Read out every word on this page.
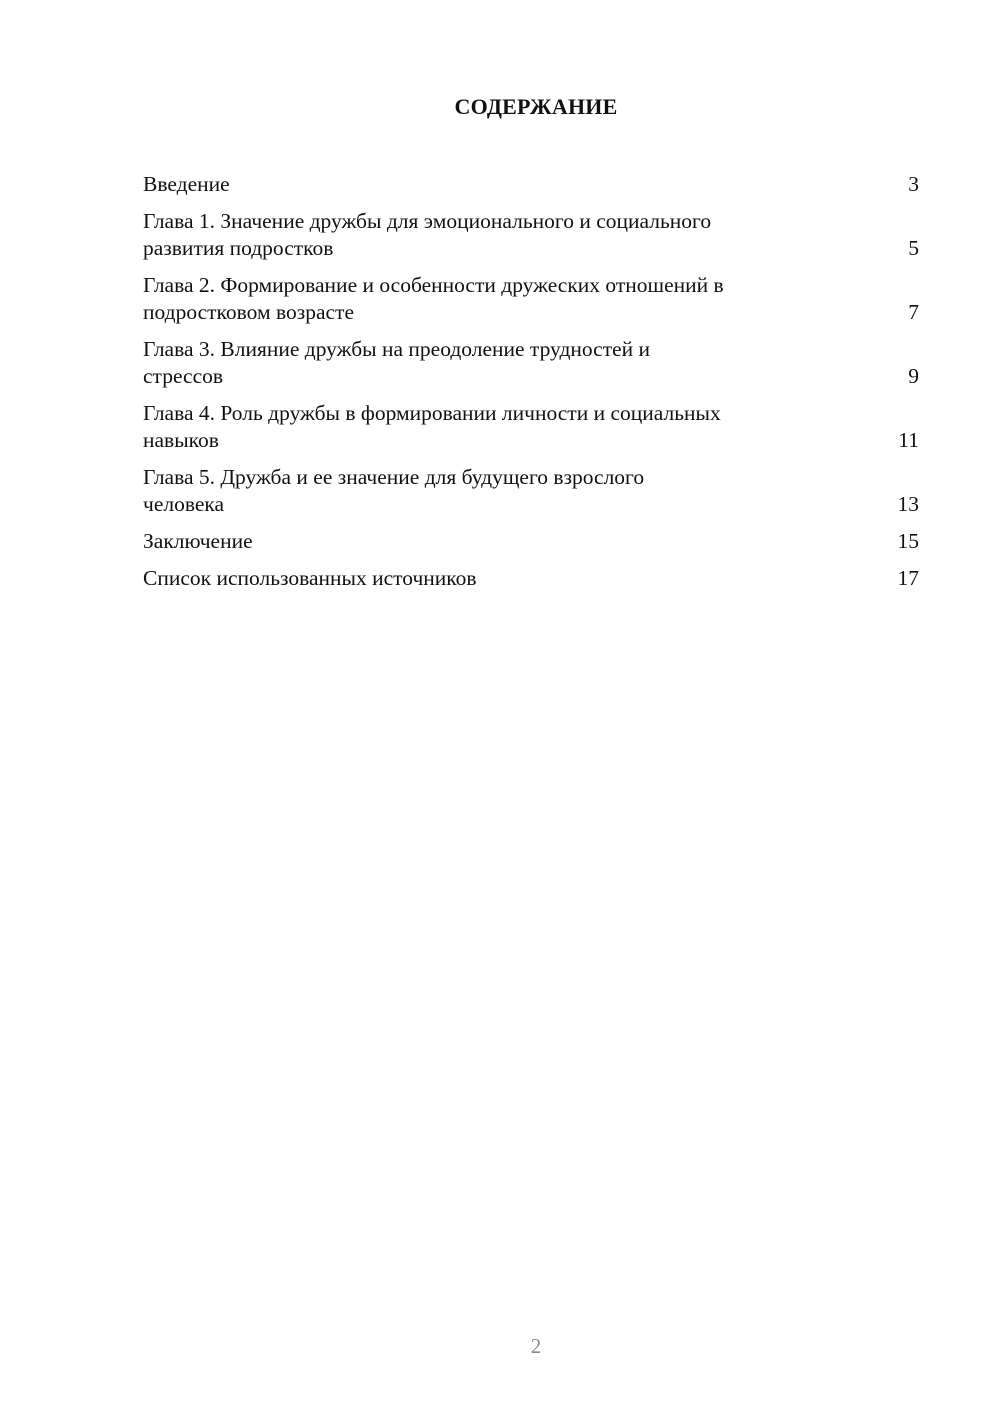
СОДЕРЖАНИЕ
Введение	3
Глава 1. Значение дружбы для эмоционального и социального
развития подростков	5
Глава 2. Формирование и особенности дружеских отношений в
подростковом возрасте	7
Глава 3. Влияние дружбы на преодоление трудностей и
стрессов	9
Глава 4. Роль дружбы в формировании личности и социальных
навыков	11
Глава 5. Дружба и ее значение для будущего взрослого
человека	13
Заключение	15
Список использованных источников	17
2
